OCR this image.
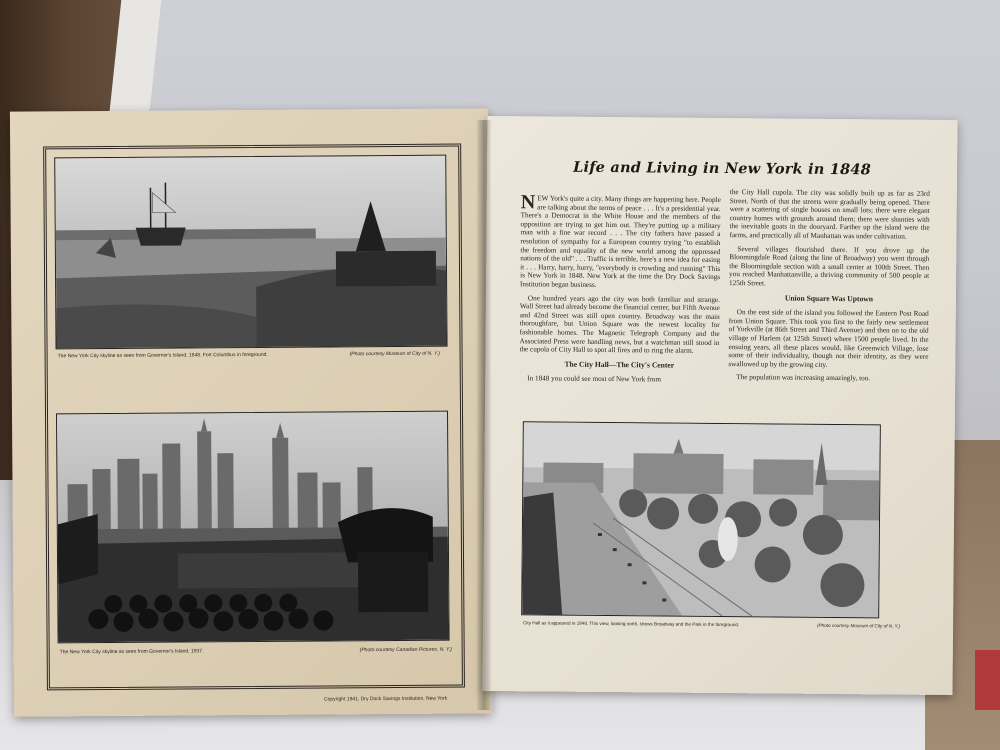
The New York City skyline as seen from Governor's Island, 1848. Fort Columbus in foreground.	(Photo courtesy Museum of City of N. Y.)
The New York City skyline as seen from Governor's Island, 1937.	(Photo courtesy Canadian Pictures, N. Y.)
Copyright 1941, Dry Dock Savings Institution, New York
Life and Living in New York in 1848

NEW York's quite a city. Many things are happening here. People are talking about the terms of peace . . . It's a presidential year. There's a Democrat in the White House and the members of the opposition are trying to get him out. They're putting up a military man with a fine war record . . . The city fathers have passed a resolution of sympathy for a European country trying "to establish the freedom and equality of the new world among the oppressed nations of the old" . . . Traffic is terrible, here's a new idea for easing it . . . Harry, harry, hurry, "everybody is crowding and running" This is New York in 1848. New York at the time the Dry Dock Savings Institution began business.

One hundred years ago the city was both familiar and strange. Wall Street had already become the financial center, but Fifth Avenue and 42nd Street was still open country. Broadway was the main thoroughfare, but Union Square was the newest locality for fashionable homes. The Magnetic Telegraph Company and the Associated Press were handling news, but a watchman still stood in the cupola of City Hall to spot all fires and to ring the alarm.

The City Hall—The City's Center

In 1848 you could see most of New York from

the City Hall cupola. The city was solidly built up as far as 23rd Street. North of that the streets were gradually being opened. There were a scattering of single houses on small lots; there were elegant country homes with grounds around them; there were shanties with the inevitable goats in the dooryard. Farther up the island were the farms, and practically all of Manhattan was under cultivation.

Several villages flourished there. If you drove up the Bloomingdale Road (along the line of Broadway) you went through the Bloomingdale section with a small center at 100th Street. Then you reached Manhattanville, a thriving community of 500 people at 125th Street.

Union Square Was Uptown

On the east side of the island you followed the Eastern Post Road from Union Square. This took you first to the fairly new settlement of Yorkville (at 86th Street and Third Avenue) and then on to the old village of Harlem (at 125th Street) where 1500 people lived. In the ensuing years, all these places would, like Greenwich Village, lose some of their individuality, though not their identity, as they were swallowed up by the growing city.

The population was increasing amazingly, too.

City Hall as it appeared in 1848. This view, looking north, shows Broadway and the Park in the foreground.	(Photo courtesy Museum of City of N. Y.)
